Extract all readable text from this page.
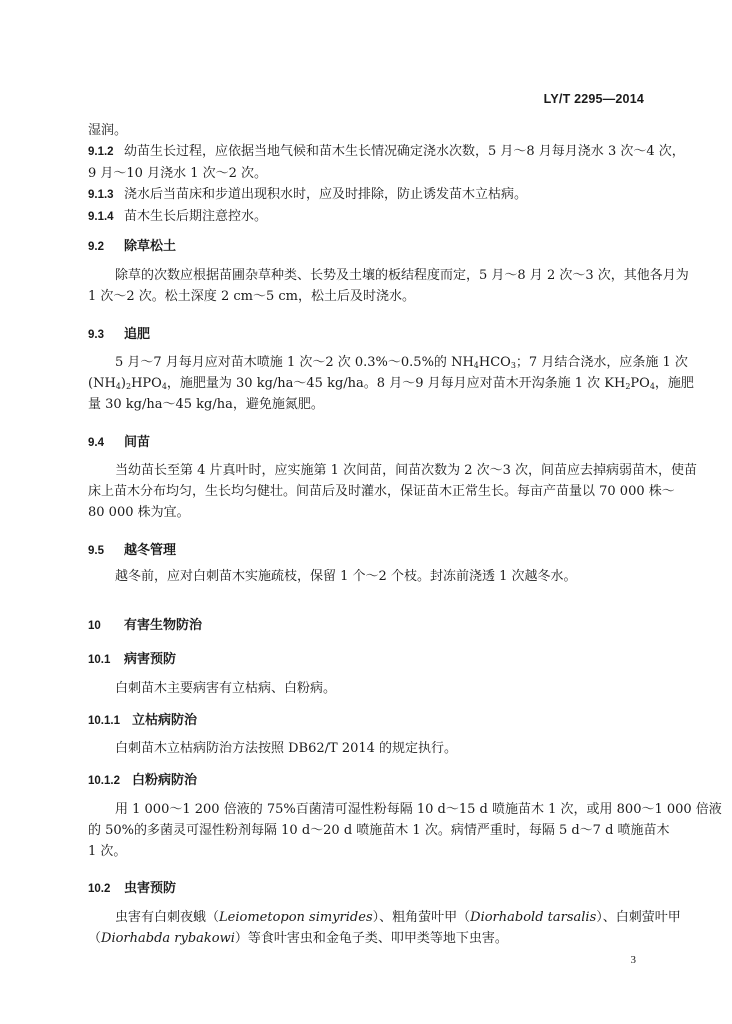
LY/T 2295—2014
湿润。
9.1.2 幼苗生长过程，应依据当地气候和苗木生长情况确定浇水次数，5 月～8 月每月浇水 3 次～4 次，
9 月～10 月浇水 1 次～2 次。
9.1.3 浇水后当苗床和步道出现积水时，应及时排除，防止诱发苗木立枯病。
9.1.4 苗木生长后期注意控水。
9.2 除草松土
除草的次数应根据苗圃杂草种类、长势及土壤的板结程度而定，5 月～8 月 2 次～3 次，其他各月为
1 次～2 次。松土深度 2 cm～5 cm，松土后及时浇水。
9.3 追肥
5 月～7 月每月应对苗木喷施 1 次～2 次 0.3%～0.5%的 $NH_4HCO_3$；7 月结合浇水，应条施 1 次
$(NH_4)_2HPO_4$，施肥量为 30 kg/ha～45 kg/ha。8 月～9 月每月应对苗木开沟条施 1 次 $KH_2PO_4$，施肥
量 30 kg/ha～45 kg/ha，避免施氮肥。
9.4 间苗
当幼苗长至第 4 片真叶时，应实施第 1 次间苗，间苗次数为 2 次～3 次，间苗应去掉病弱苗木，使苗
床上苗木分布均匀，生长均匀健壮。间苗后及时灌水，保证苗木正常生长。每亩产苗量以 70 000 株～
80 000 株为宜。
9.5 越冬管理
越冬前，应对白刺苗木实施疏枝，保留 1 个～2 个枝。封冻前浇透 1 次越冬水。
10 有害生物防治
10.1 病害预防
白刺苗木主要病害有立枯病、白粉病。
10.1.1 立枯病防治
白刺苗木立枯病防治方法按照 DB62/T 2014 的规定执行。
10.1.2 白粉病防治
用 1 000～1 200 倍液的 75%百菌清可湿性粉每隔 10 d～15 d 喷施苗木 1 次，或用 800～1 000 倍液
的 50%的多菌灵可湿性粉剂每隔 10 d～20 d 喷施苗木 1 次。病情严重时，每隔 5 d～7 d 喷施苗木
1 次。
10.2 虫害预防
虫害有白刺夜蛾（Leiometopon simyrides）、粗角萤叶甲（Diorhabold tarsalis）、白刺萤叶甲
（Diorhabda rybakowi）等食叶害虫和金龟子类、叩甲类等地下虫害。
3
